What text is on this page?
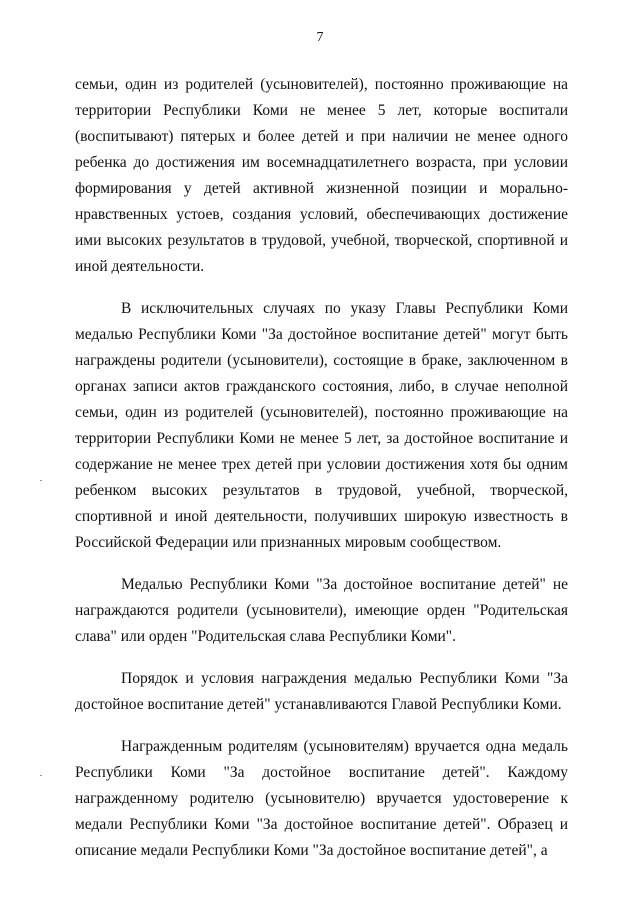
7

семьи, один из родителей (усыновителей), постоянно проживающие на территории Республики Коми не менее 5 лет, которые воспитали (воспитывают) пятерых и более детей и при наличии не менее одного ребенка до достижения им восемнадцатилетнего возраста, при условии формирования у детей активной жизненной позиции и морально-нравственных устоев, создания условий, обеспечивающих достижение ими высоких результатов в трудовой, учебной, творческой, спортивной и иной деятельности.

В исключительных случаях по указу Главы Республики Коми медалью Республики Коми "За достойное воспитание детей" могут быть награждены родители (усыновители), состоящие в браке, заключенном в органах записи актов гражданского состояния, либо, в случае неполной семьи, один из родителей (усыновителей), постоянно проживающие на территории Республики Коми не менее 5 лет, за достойное воспитание и содержание не менее трех детей при условии достижения хотя бы одним ребенком высоких результатов в трудовой, учебной, творческой, спортивной и иной деятельности, получивших широкую известность в Российской Федерации или признанных мировым сообществом.

Медалью Республики Коми "За достойное воспитание детей" не награждаются родители (усыновители), имеющие орден "Родительская слава" или орден "Родительская слава Республики Коми".

Порядок и условия награждения медалью Республики Коми "За достойное воспитание детей" устанавливаются Главой Республики Коми.

Награжденным родителям (усыновителям) вручается одна медаль Республики Коми "За достойное воспитание детей". Каждому награжденному родителю (усыновителю) вручается удостоверение к медали Республики Коми "За достойное воспитание детей". Образец и описание медали Республики Коми "За достойное воспитание детей", а
